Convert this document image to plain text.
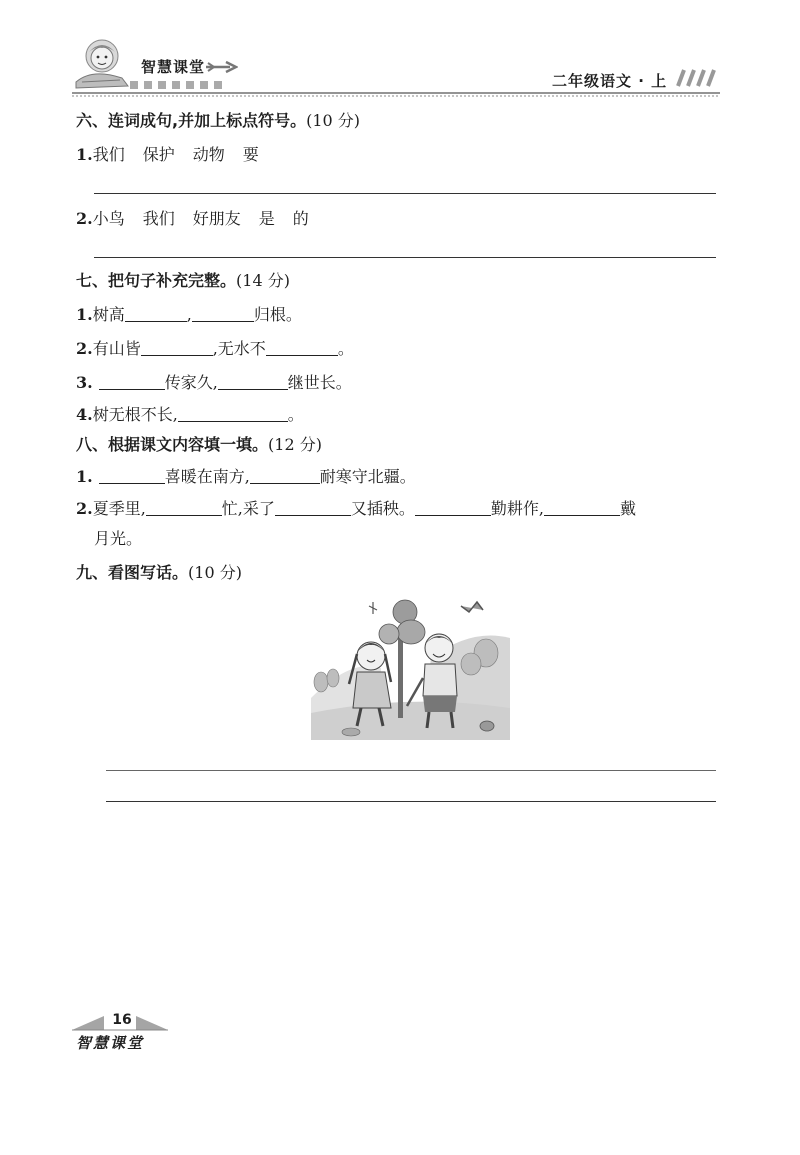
智慧课堂
二年级语文 · 上
六、连词成句,并加上标点符号。(10 分)
1.我们 保护 动物 要
2.小鸟 我们 好朋友 是 的
七、把句子补充完整。(14 分)
1.树高	,	归根。
2.有山皆	,无水不	。
3.	传家久,	继世长。
4.树无根不长,	。
八、根据课文内容填一填。(12 分)
1.	喜暖在南方,	耐寒守北疆。
2.夏季里,	忙,采了	又插秧。	勤耕作,	戴
月光。
九、看图写话。(10 分)
16
智慧课堂
